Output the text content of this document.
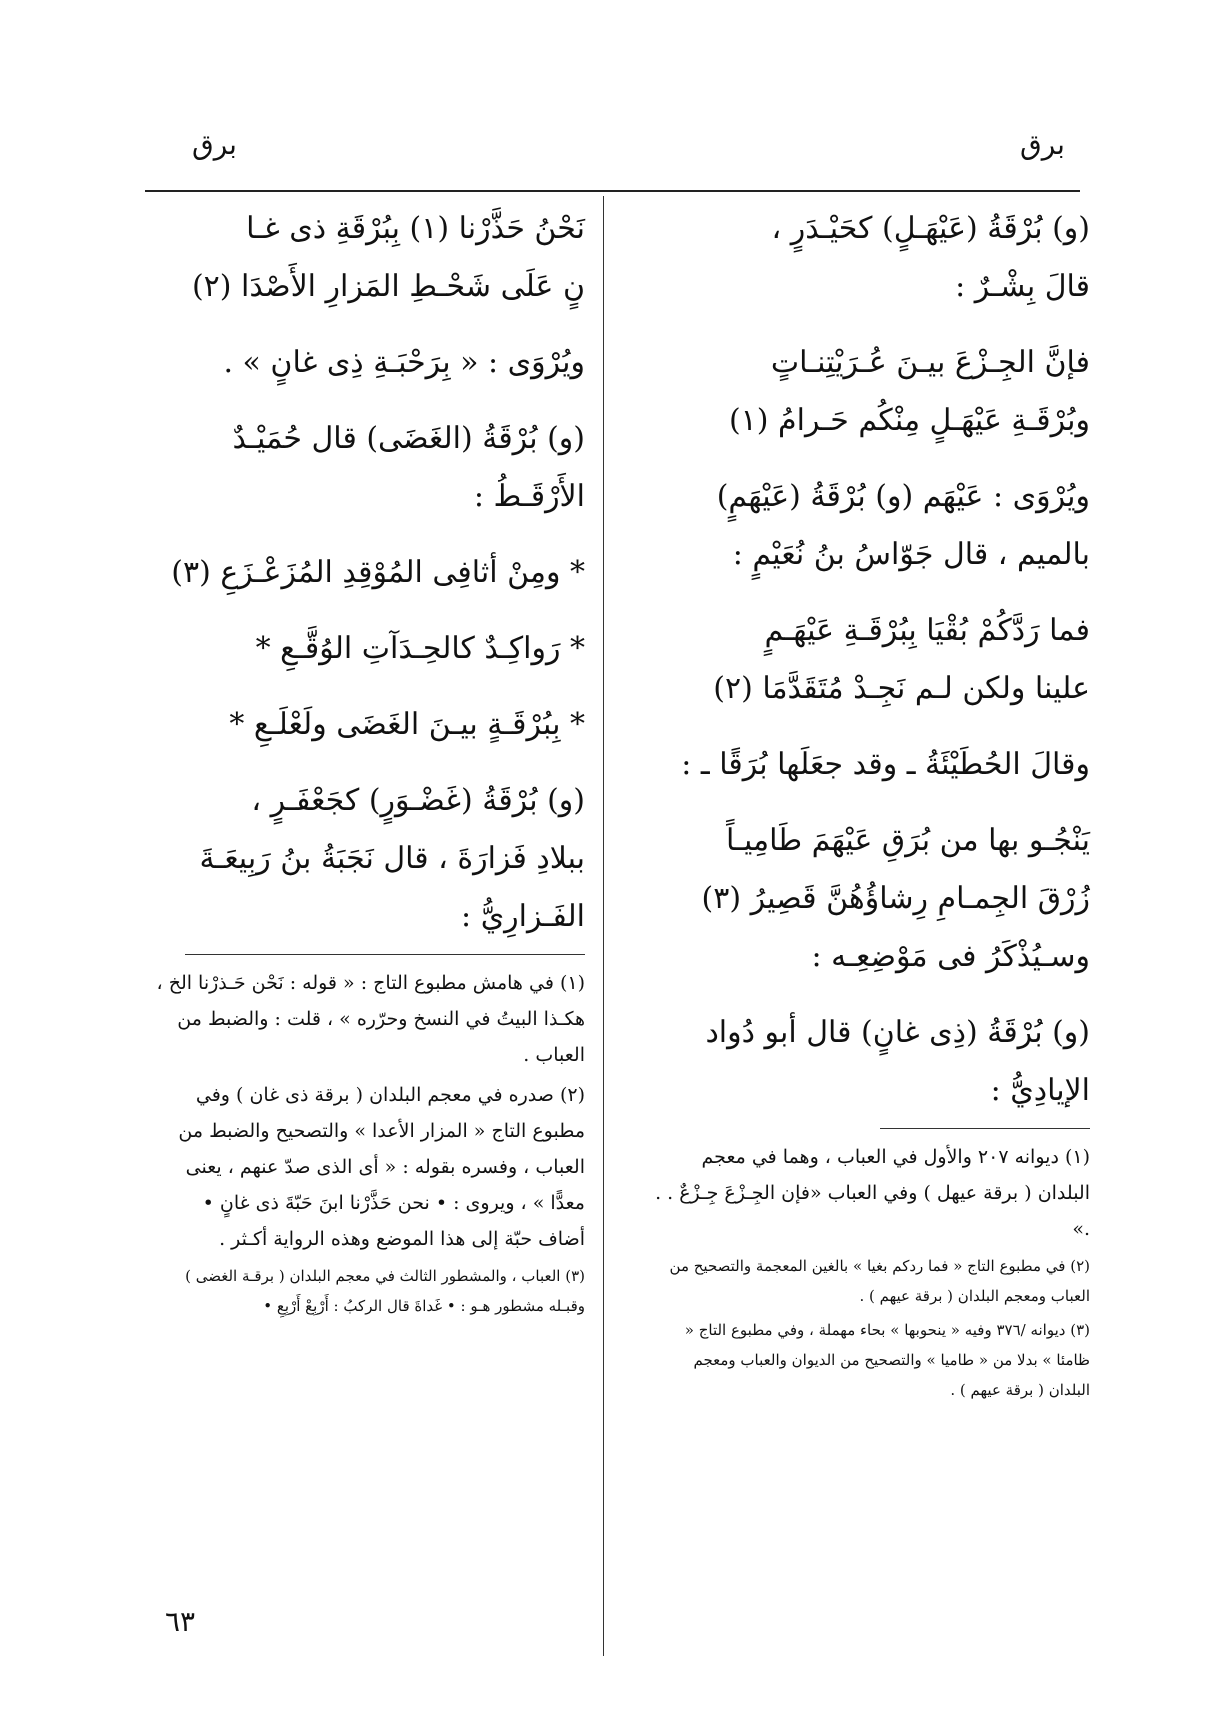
برق
برق

(و) بُرْقَةُ (عَيْهَـلٍ) كحَيْـدَرٍ ،

قالَ بِشْـرٌ :

فإنَّ الجِـزْعَ بيـنَ عُـرَيْتِنـاتٍ

وبُرْقَـةِ عَيْهَـلٍ مِنْكُم حَـرامُ (١)

ويُرْوَى : عَيْهَم (و) بُرْقَةُ (عَيْهَمٍ)

بالميم ، قال جَوّاسُ بنُ نُعَيْمٍ :

فما رَدَّكُمْ بُقْيَا بِبُرْقَـةِ عَيْهَـمٍ

علينا ولكن لـم نَجِـدْ مُتَقَدَّمَا (٢)

وقالَ الحُطَيْئَةُ ـ وقد جعَلَها بُرَقًا ـ :

يَنْجُـو بها من بُرَقِ عَيْهَمَ طَامِيـاً

زُرْقَ الجِمـامِ رِشاؤُهُنَّ قَصِيرُ (٣)

وسـيُذْكَرُ فى مَوْضِعِـه :

(و) بُرْقَةُ (ذِى غانٍ) قال أبو دُواد

الإيادِيُّ :

(١) ديوانه ٢٠٧ والأول في العباب ، وهما في معجم البلدان ( برقة عيهل ) وفي العباب «فإن الجِـزْعَ جِـزْعٌ . . .»

(٢) في مطبوع التاج « فما ردكم بغيا » بالغين المعجمة والتصحيح من العباب ومعجم البلدان ( برقة عيهم ) .

(٣) ديوانه /٣٧٦ وفيه « ينحوبها » بحاء مهملة ، وفي مطبوع التاج « ظامئا » بدلا من « طاميا » والتصحيح من الديوان والعباب ومعجم البلدان ( برقة عيهم ) .

نَحْنُ حَذَّرْنا (١) بِبُرْقَةِ ذى غـا

نٍ عَلَى شَحْـطِ المَزارِ الأَصْدَا (٢)

ويُرْوَى : « بِرَحْبَـةِ ذِى غانٍ » .

(و) بُرْقَةُ (الغَضَى) قال حُمَيْـدٌ

الأَرْقَـطُ :

* ومِنْ أثافِى المُوْقِدِ المُزَعْـزَعِ (٣)

* رَواكِـدٌ كالحِـدَآتِ الوُقَّـعِ *

* بِبُرْقَـةٍ بيـنَ الغَضَى ولَعْلَـعِ *

(و) بُرْقَةُ (غَضْـوَرٍ) كجَعْفَـرٍ ،

ببلادِ فَزارَةَ ، قال نَجَبَةُ بنُ رَبِيعَـةَ

الفَـزارِيُّ :

(١) في هامش مطبوع التاج : « قوله : نَحْن حَـذرْنا الخ ، هكـذا البيتُ في النسخ وحرّره » ، قلت : والضبط من العباب .

(٢) صدره في معجم البلدان ( برقة ذى غان ) وفي مطبوع التاج « المزار الأعدا » والتصحيح والضبط من العباب ، وفسره بقوله : « أى الذى صدّ عنهم ، يعنى معدًّا » ، ويروى : • نحن حَذَّرْنا ابنَ حَبّةَ ذى غانٍ • أضاف حبّة إلى هذا الموضع وهذه الرواية أكـثر .

(٣) العباب ، والمشطور الثالث في معجم البلدان ( برقـة الغضى ) وقبـله مشطور هـو : • غَداةَ قال الركبُ : أَرْبِعْ أَرْبِعِ •

٦٣
